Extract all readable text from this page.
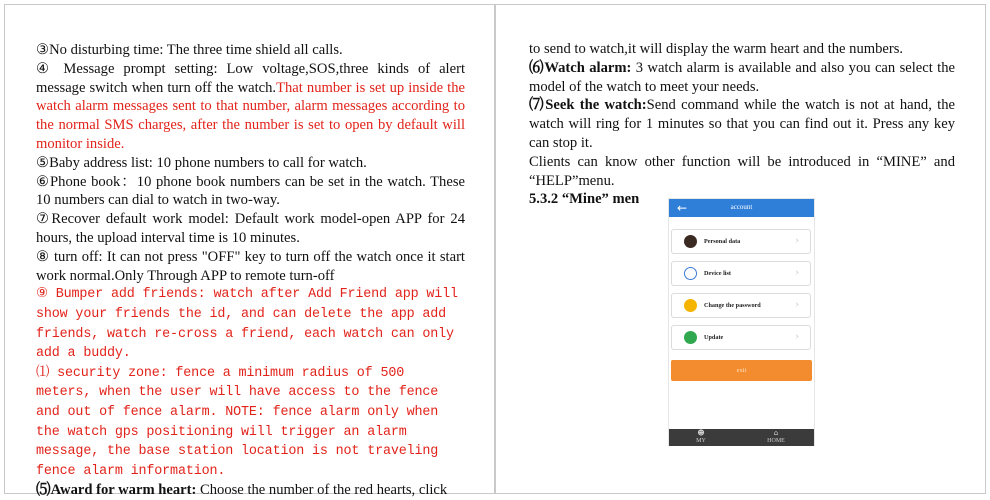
③No disturbing time: The three time shield all calls.

④ Message prompt setting: Low voltage,SOS,three kinds of alert message switch when turn off the watch.That number is set up inside the watch alarm messages sent to that number, alarm messages according to the normal SMS charges, after the number is set to open by default will monitor inside.

⑤Baby address list: 10 phone numbers to call for watch.

⑥Phone book：10 phone book numbers can be set in the watch. These 10 numbers can dial to watch in two-way.

⑦Recover default work model: Default work model-open APP for 24 hours, the upload interval time is 10 minutes.

⑧ turn off: It can not press "OFF" key to turn off the watch once it start work normal.Only Through APP to remote turn-off

⑨ Bumper add friends: watch after Add Friend app will show your friends the id, and can delete the app add friends, watch re-cross a friend, each watch can only add a buddy.

⑴ security zone: fence a minimum radius of 500 meters, when the user will have access to the fence and out of fence alarm. NOTE: fence alarm only when the watch gps positioning will trigger an alarm message, the base station location is not traveling fence alarm information.

⑸Award for warm heart: Choose the number of the red hearts, click

to send to watch,it will display the warm heart and the numbers.

⑹Watch alarm: 3 watch alarm is available and also you can select the model of the watch to meet your needs.

⑺Seek the watch:Send command while the watch is not at hand, the watch will ring for 1 minutes so that you can find out it. Press any key can stop it.

Clients can know other function will be introduced in “MINE” and “HELP”menu.

5.3.2 “Mine” men

←	account
Personal data	›
Device list	›
Change the password	›
Update	›
exit
☻
MY
⌂
HOME
